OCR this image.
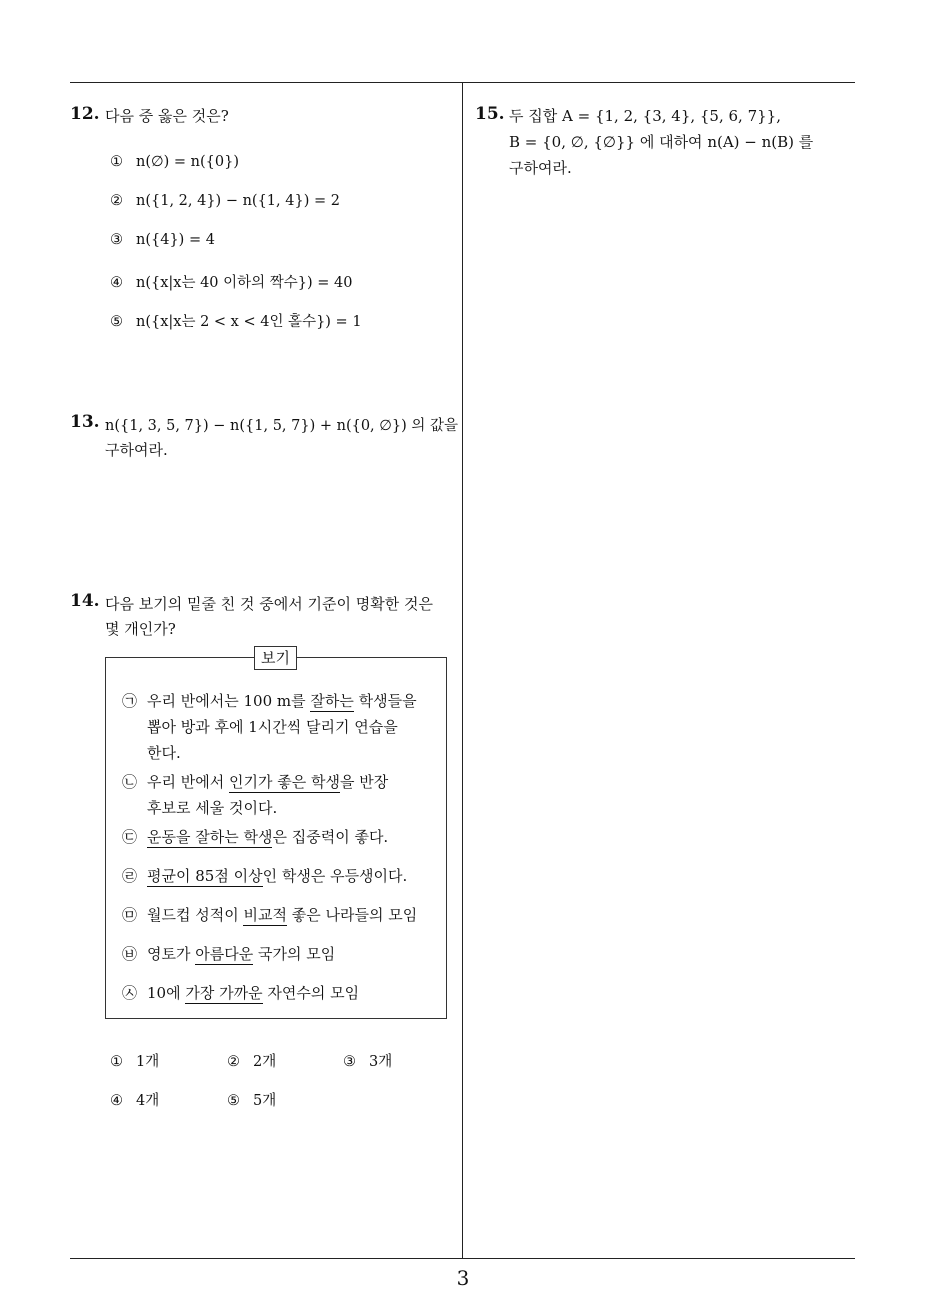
12. 다음 중 옳은 것은?
① n(∅) = n({0})
② n({1, 2, 4}) − n({1, 4}) = 2
③ n({4}) = 4
④ n({x|x는 40 이하의 짝수}) = 40
⑤ n({x|x는 2 < x < 4인 홀수}) = 1
13. n({1, 3, 5, 7}) − n({1, 5, 7}) + n({0, ∅}) 의 값을
구하여라.
14. 다음 보기의 밑줄 친 것 중에서 기준이 명확한 것은
몇 개인가?
보기
㉠ 우리 반에서는 100 m를 잘하는 학생들을
뽑아 방과 후에 1시간씩 달리기 연습을
한다.
㉡ 우리 반에서 인기가 좋은 학생을 반장
후보로 세울 것이다.
㉢ 운동을 잘하는 학생은 집중력이 좋다.
㉣ 평균이 85점 이상인 학생은 우등생이다.
㉤ 월드컵 성적이 비교적 좋은 나라들의 모임
㉥ 영토가 아름다운 국가의 모임
㉦ 10에 가장 가까운 자연수의 모임
① 1개	② 2개	③ 3개
④ 4개	⑤ 5개
15. 두 집합 A = {1, 2, {3, 4}, {5, 6, 7}},
B = {0, ∅, {∅}} 에 대하여 n(A) − n(B) 를
구하여라.
3
